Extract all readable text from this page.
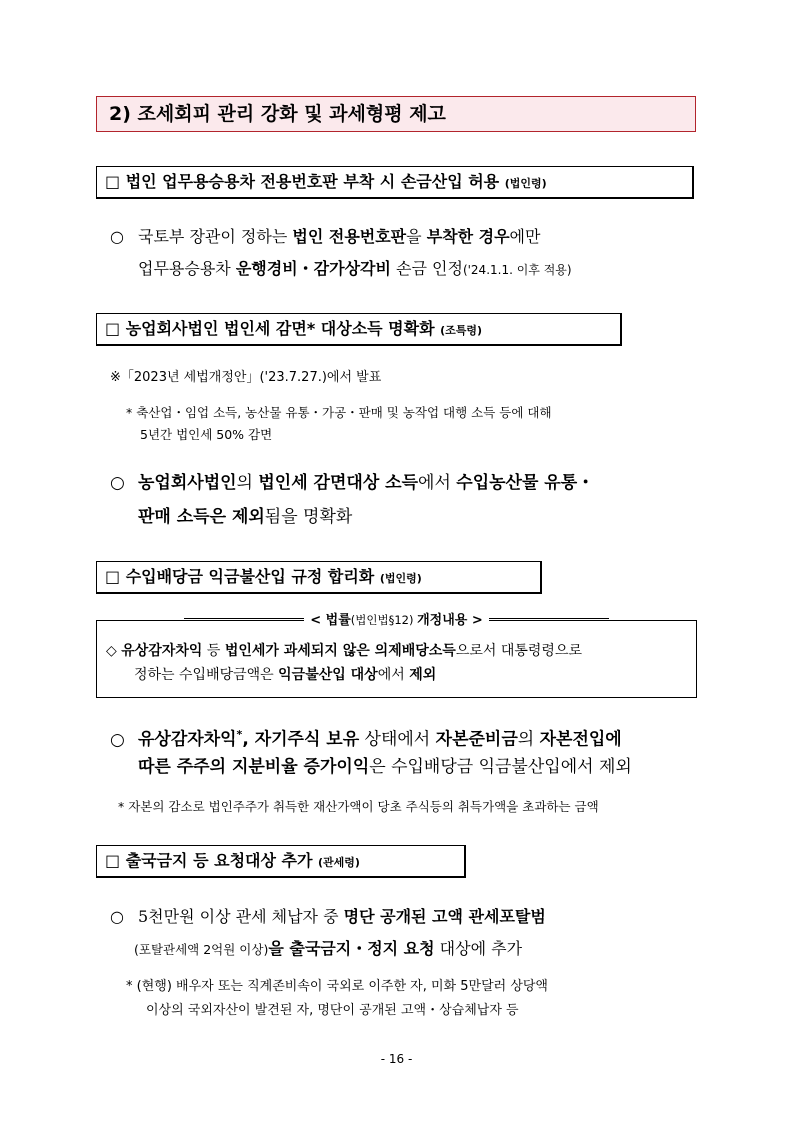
2) 조세회피 관리 강화 및 과세형평 제고
□ 법인 업무용승용차 전용번호판 부착 시 손금산입 허용 (법인령)
○ 국토부 장관이 정하는 법인 전용번호판을 부착한 경우에만
업무용승용차 운행경비・감가상각비 손금 인정('24.1.1. 이후 적용)
□ 농업회사법인 법인세 감면* 대상소득 명확화 (조특령)
※「2023년 세법개정안」('23.7.27.)에서 발표
* 축산업・임업 소득, 농산물 유통・가공・판매 및 농작업 대행 소득 등에 대해
5년간 법인세 50% 감면
○ 농업회사법인의 법인세 감면대상 소득에서 수입농산물 유통・
판매 소득은 제외됨을 명확화
□ 수입배당금 익금불산입 규정 합리화 (법인령)
< 법률(법인법§12) 개정내용 >
◇ 유상감자차익 등 법인세가 과세되지 않은 의제배당소득으로서 대통령령으로
정하는 수입배당금액은 익금불산입 대상에서 제외
○ 유상감자차익*, 자기주식 보유 상태에서 자본준비금의 자본전입에
따른 주주의 지분비율 증가이익은 수입배당금 익금불산입에서 제외
* 자본의 감소로 법인주주가 취득한 재산가액이 당초 주식등의 취득가액을 초과하는 금액
□ 출국금지 등 요청대상 추가 (관세령)
○ 5천만원 이상 관세 체납자 중 명단 공개된 고액 관세포탈범
(포탈관세액 2억원 이상)을 출국금지・정지 요청 대상에 추가
* (현행) 배우자 또는 직계존비속이 국외로 이주한 자, 미화 5만달러 상당액
이상의 국외자산이 발견된 자, 명단이 공개된 고액・상습체납자 등
- 16 -
